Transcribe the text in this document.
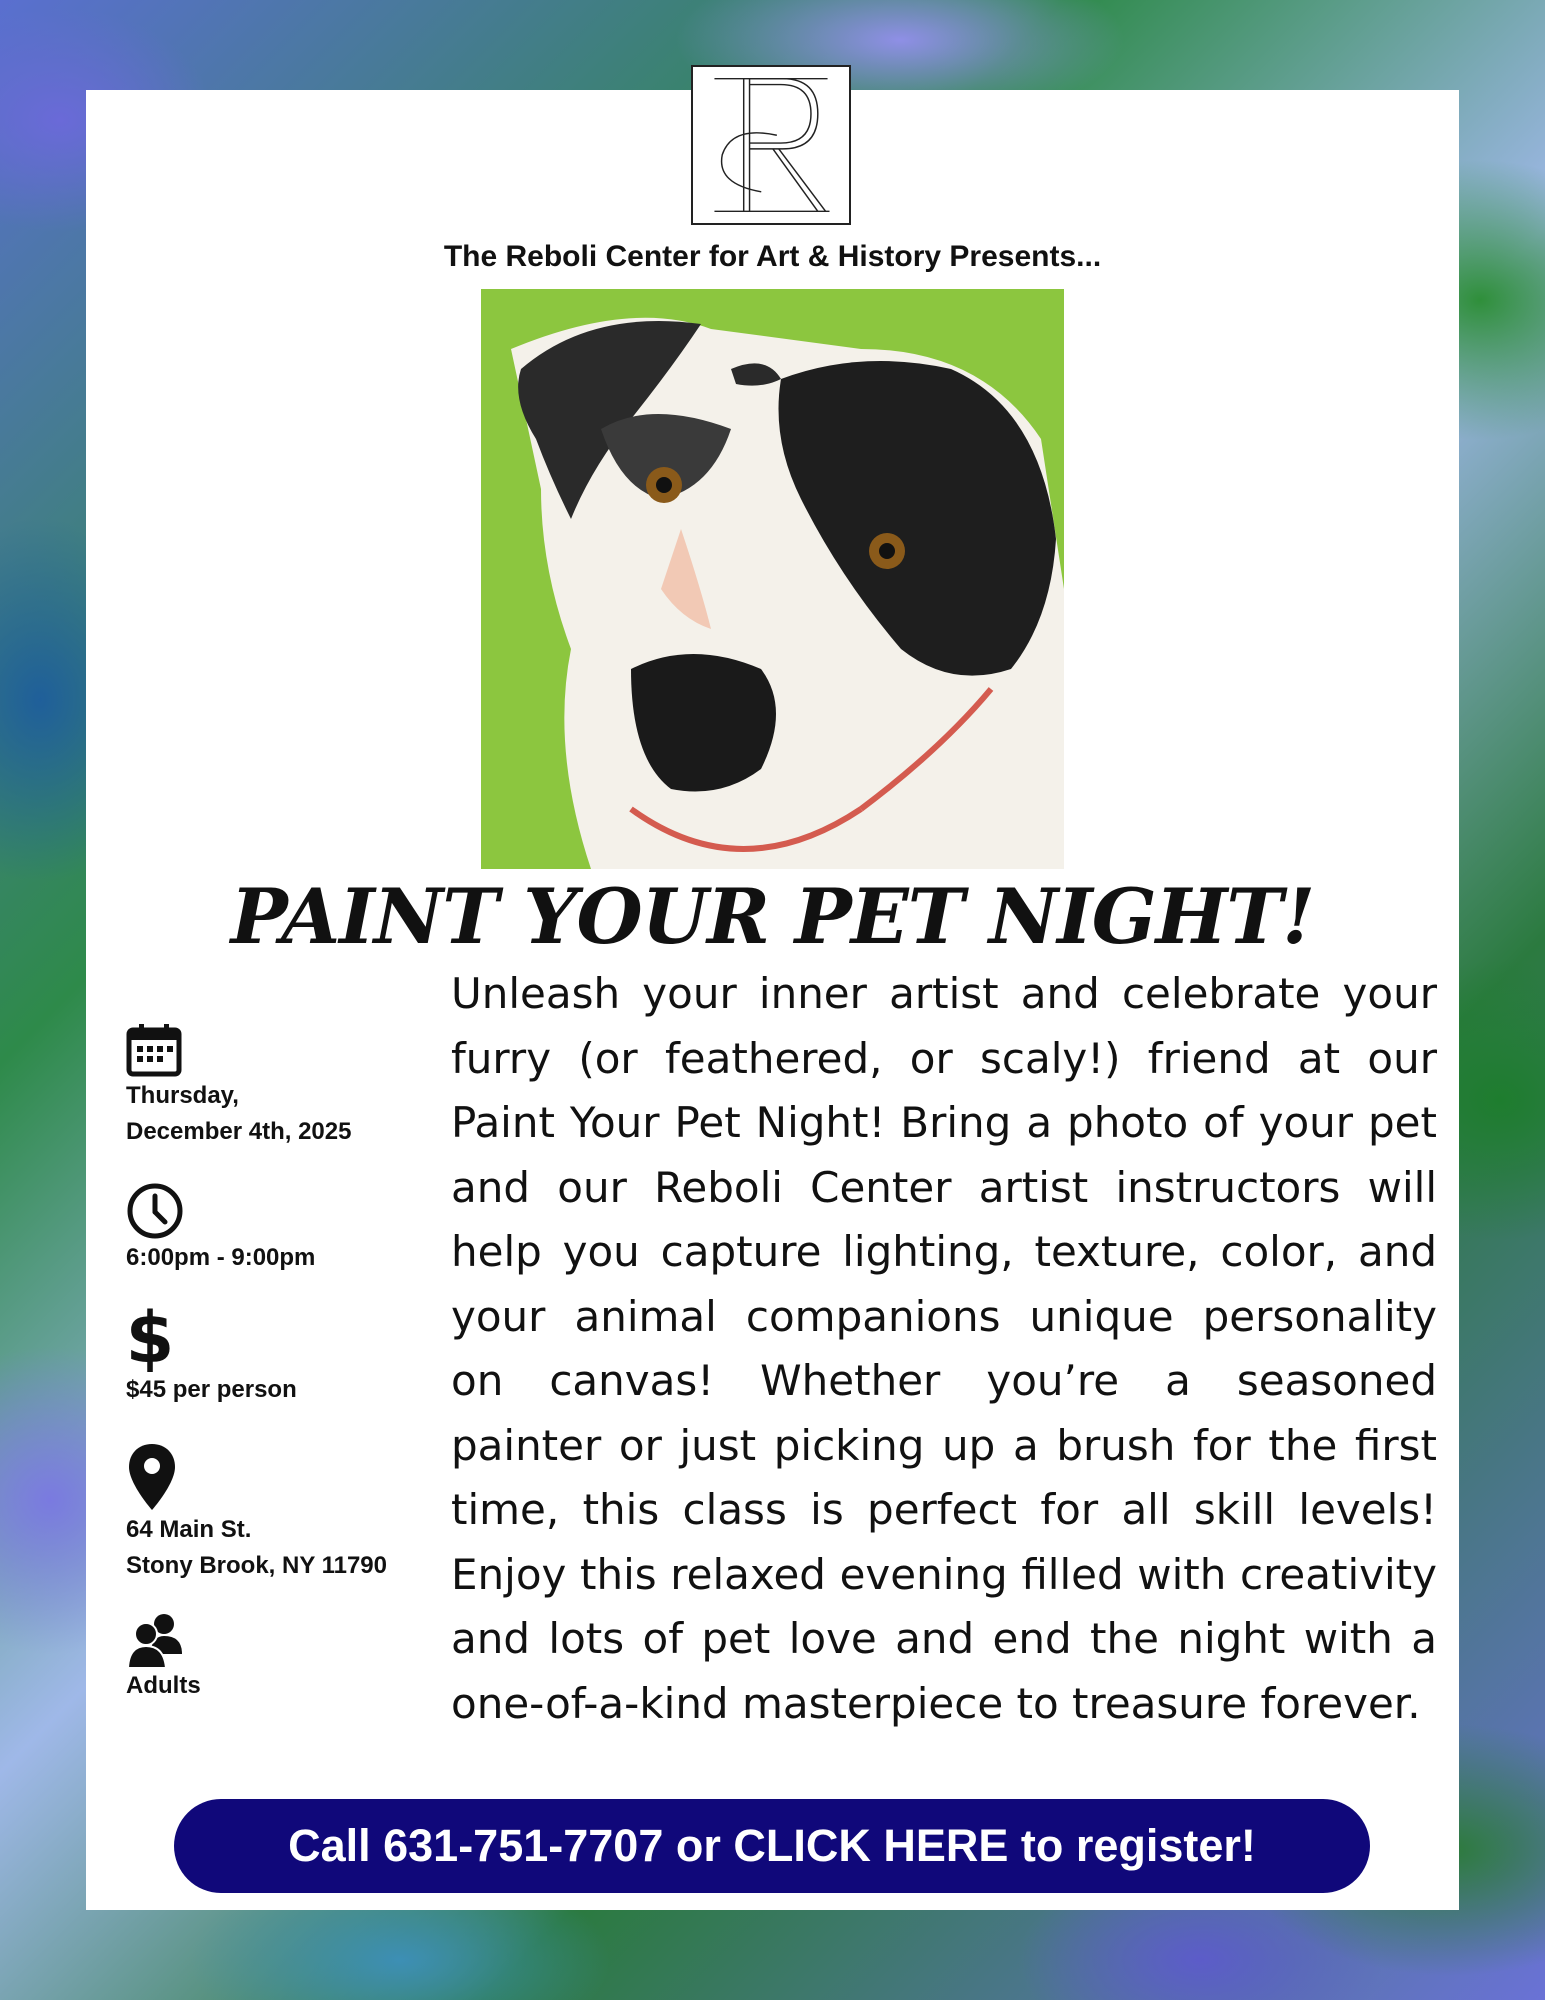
The Reboli Center for Art & History Presents...
PAINT YOUR PET NIGHT!
Thursday,
December 4th, 2025
6:00pm - 9:00pm
$
$45 per person
64 Main St.
Stony Brook, NY 11790
Adults
Unleash your inner artist and celebrate your furry (or feathered, or scaly!) friend at our Paint Your Pet Night! Bring a photo of your pet and our Reboli Center artist instructors will help you capture lighting, texture, color, and your animal companions unique personality on canvas! Whether you’re a seasoned painter or just picking up a brush for the first time, this class is perfect for all skill levels! Enjoy this relaxed evening filled with creativity and lots of pet love and end the night with a one-of-a-kind masterpiece to treasure forever.
Call 631-751-7707 or CLICK HERE to register!
